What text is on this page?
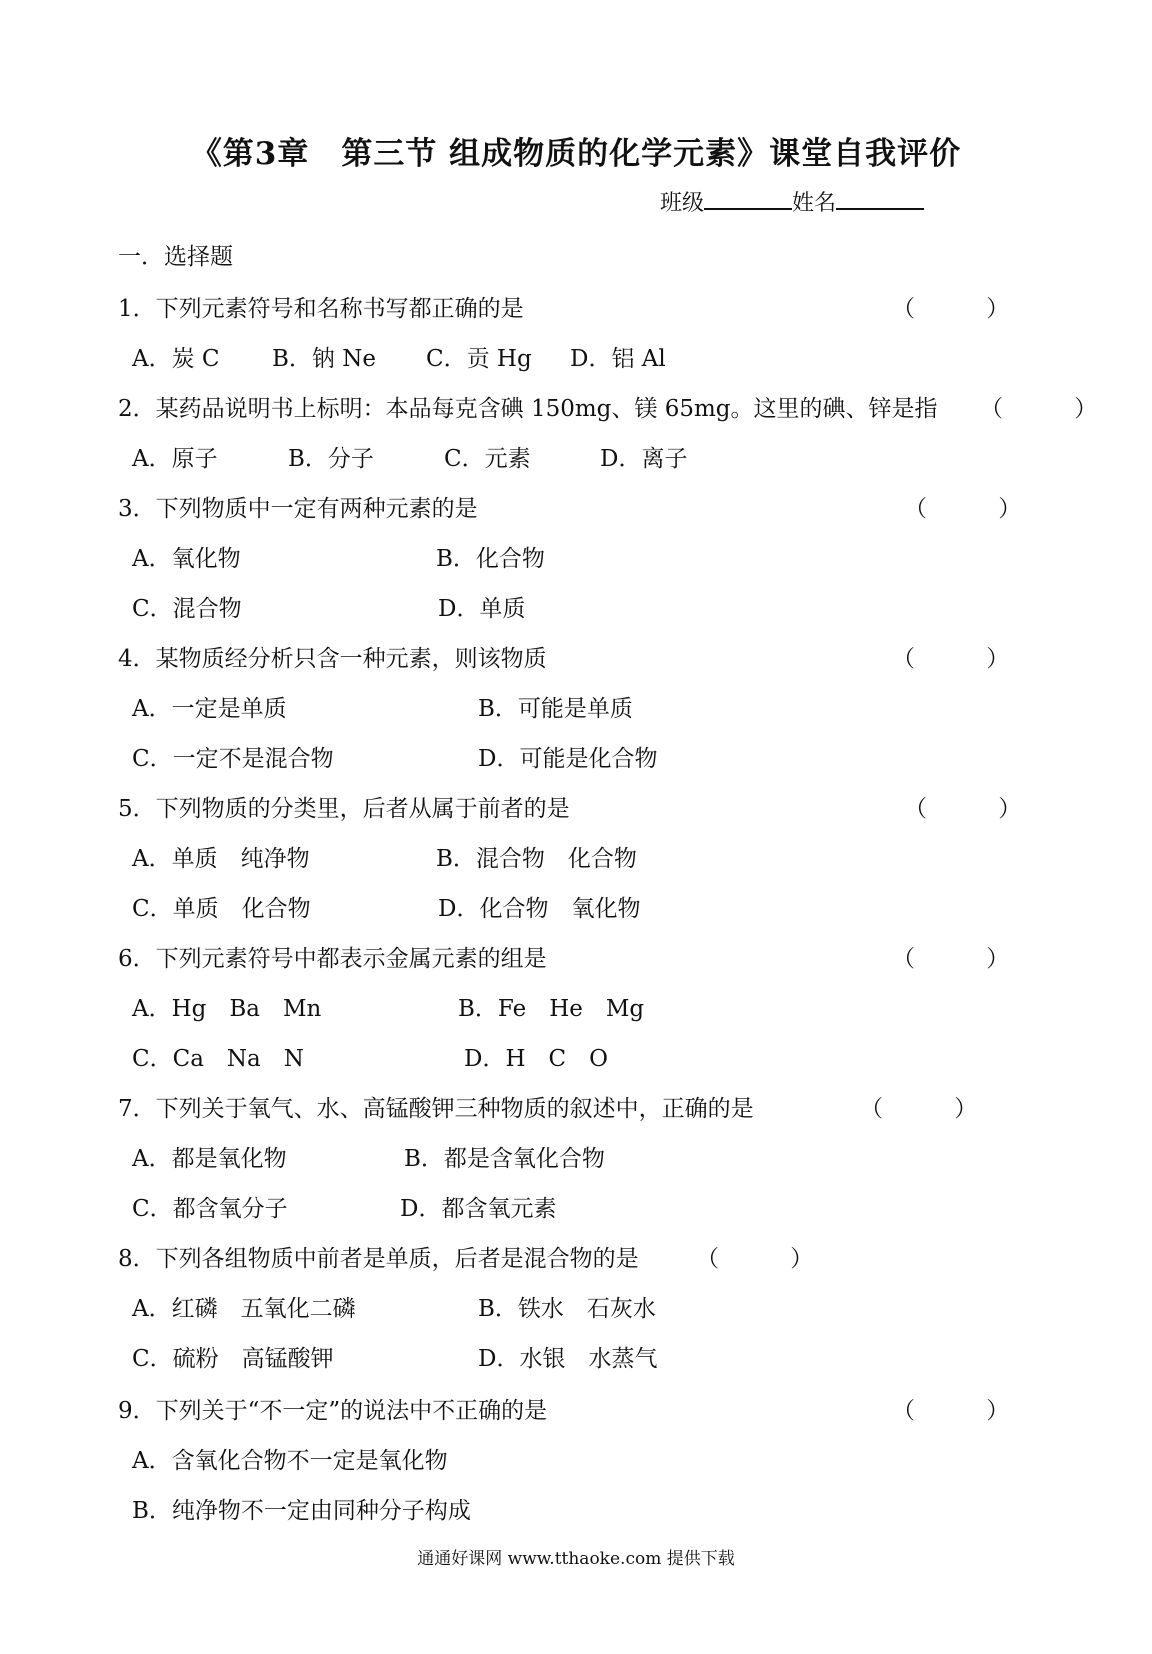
《第3章　第三节 组成物质的化学元素》课堂自我评价
班级	姓名
一．选择题
1．下列元素符号和名称书写都正确的是	（ ）
A．炭 C B．钠 Ne C．贡 Hg D．铝 Al
2．某药品说明书上标明：本品每克含碘 150mg、镁 65mg。这里的碘、锌是指 （ ）
A．原子	B．分子	C．元素	D．离子
3．下列物质中一定有两种元素的是	（ ）
A．氧化物	B．化合物
C．混合物	D．单质
4．某物质经分析只含一种元素，则该物质	（ ）
A．一定是单质	B．可能是单质
C．一定不是混合物	D．可能是化合物
5．下列物质的分类里，后者从属于前者的是	（ ）
A．单质　纯净物	B．混合物　化合物
C．单质　化合物	D．化合物　氧化物
6．下列元素符号中都表示金属元素的组是	（ ）
A．Hg　Ba　Mn	B．Fe　He　Mg
C．Ca　Na　N	D．H　C　O
7．下列关于氧气、水、高锰酸钾三种物质的叙述中，正确的是	（ ）
A．都是氧化物	B．都是含氧化合物
C．都含氧分子	D．都含氧元素
8．下列各组物质中前者是单质，后者是混合物的是 （ ）
A．红磷　五氧化二磷	B．铁水　石灰水
C．硫粉　高锰酸钾	D．水银　水蒸气
9．下列关于“不一定”的说法中不正确的是	（ ）
A．含氧化合物不一定是氧化物
B．纯净物不一定由同种分子构成
通通好课网 www.tthaoke.com 提供下载
